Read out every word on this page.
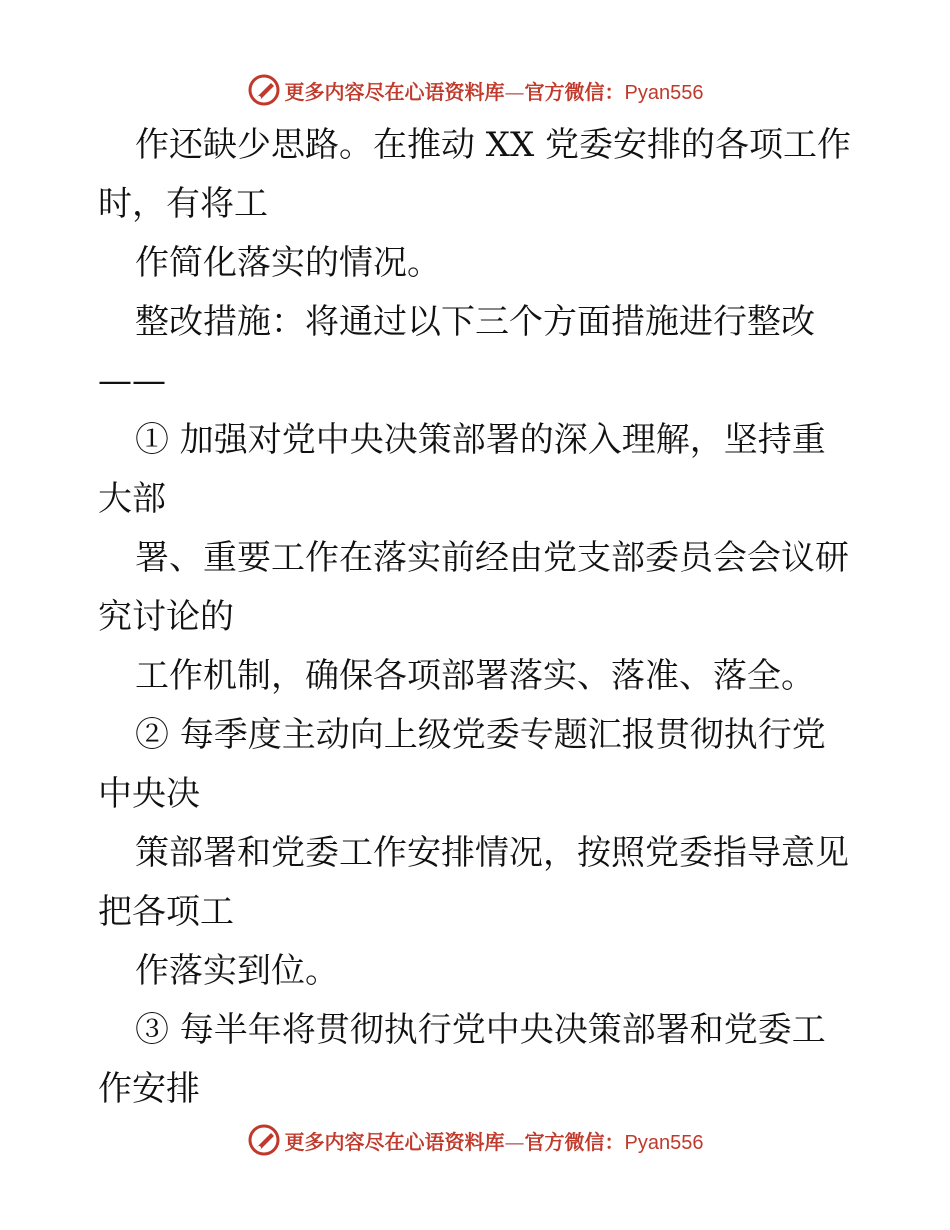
更多内容尽在心语资料库—官方微信：Pyan556
作还缺少思路。在推动 XX 党委安排的各项工作
时，有将工
作简化落实的情况。
整改措施：将通过以下三个方面措施进行整改
——
① 加强对党中央决策部署的深入理解，坚持重
大部
署、重要工作在落实前经由党支部委员会会议研
究讨论的
工作机制，确保各项部署落实、落准、落全。
② 每季度主动向上级党委专题汇报贯彻执行党
中央决
策部署和党委工作安排情况，按照党委指导意见
把各项工
作落实到位。
③ 每半年将贯彻执行党中央决策部署和党委工
作安排
更多内容尽在心语资料库—官方微信：Pyan556
